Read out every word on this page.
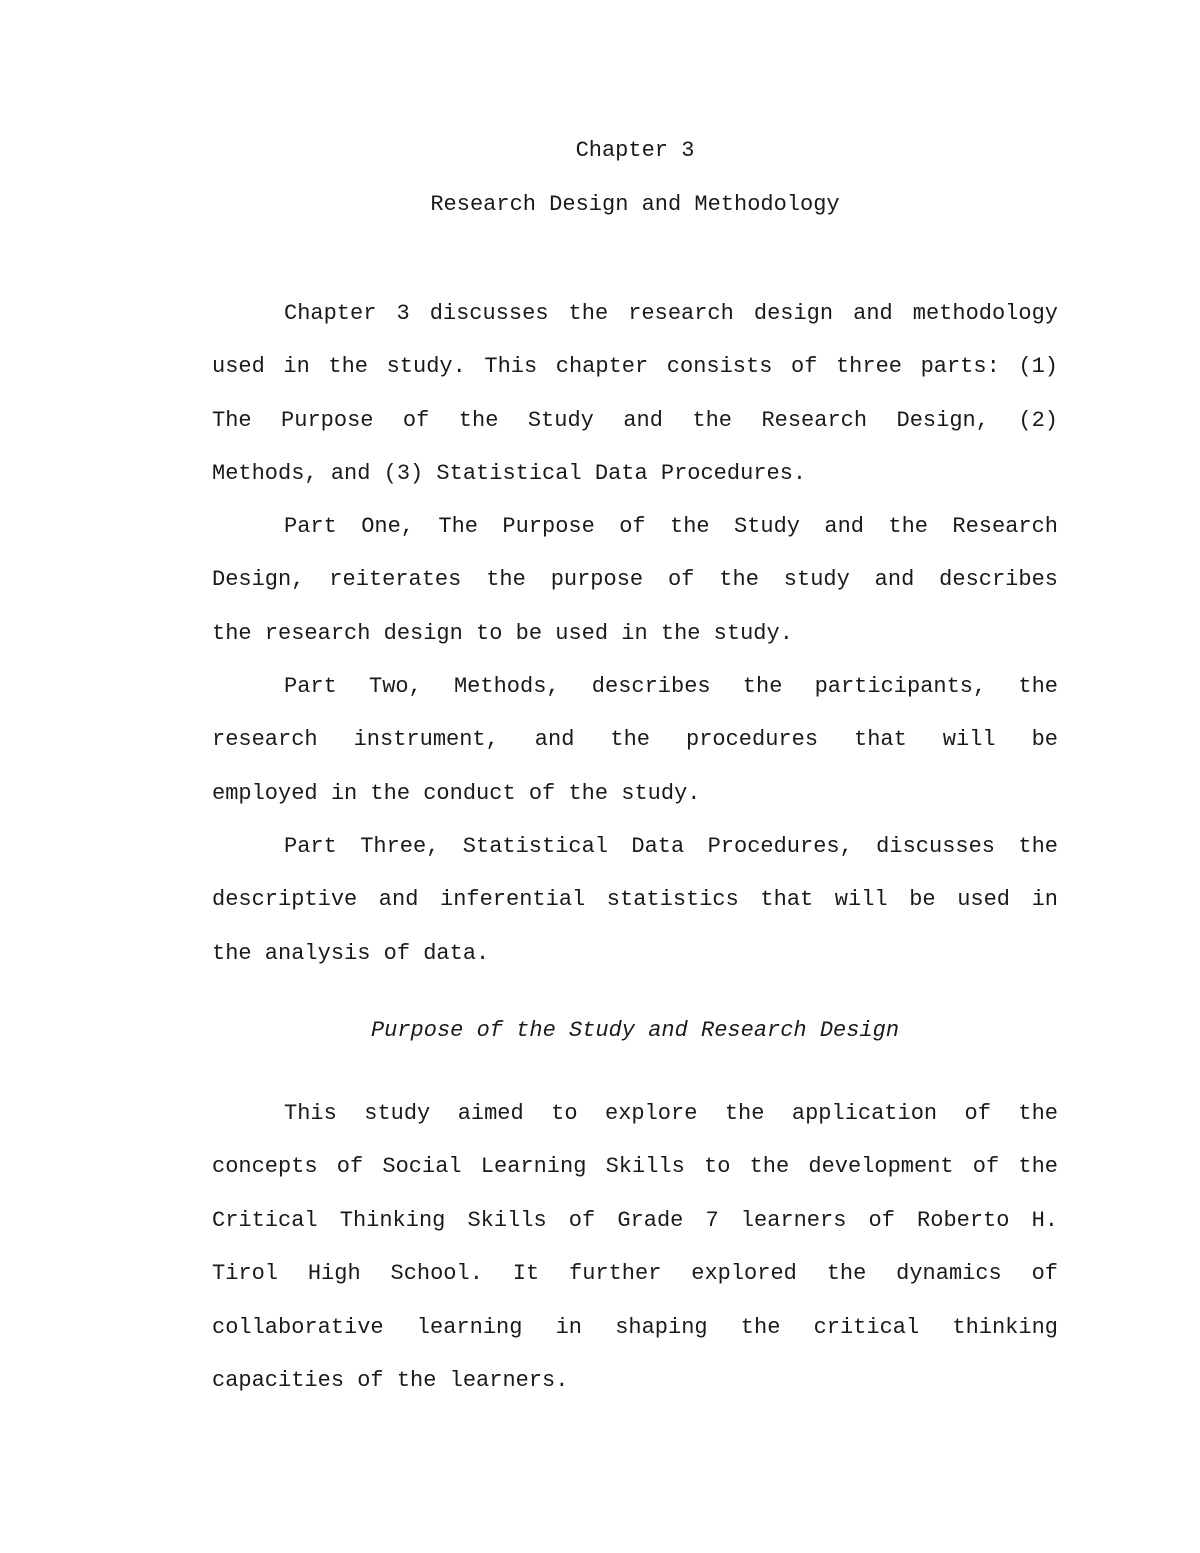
Chapter 3
Research Design and Methodology
Chapter 3 discusses the research design and methodology
used in the study. This chapter consists of three parts: (1)
The Purpose of the Study and the Research Design, (2)
Methods, and (3) Statistical Data Procedures.
Part One, The Purpose of the Study and the Research
Design, reiterates the purpose of the study and describes
the research design to be used in the study.
Part Two, Methods, describes the participants, the
research instrument, and the procedures that will be
employed in the conduct of the study.
Part Three, Statistical Data Procedures, discusses the
descriptive and inferential statistics that will be used in
the analysis of data.
Purpose of the Study and Research Design
This study aimed to explore the application of the
concepts of Social Learning Skills to the development of the
Critical Thinking Skills of Grade 7 learners of Roberto H.
Tirol High School. It further explored the dynamics of
collaborative learning in shaping the critical thinking
capacities of the learners.
